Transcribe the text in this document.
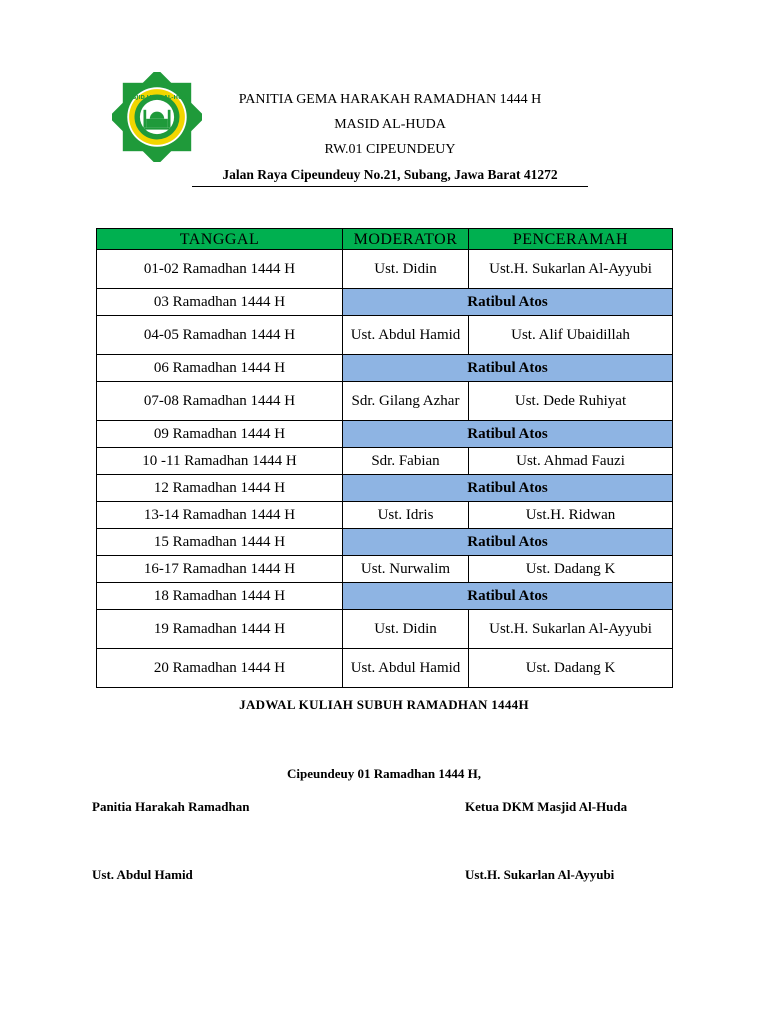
MASJID JAMI' AL-HUDA	PANITIA GEMA HARAKAH RAMADHAN 1444 H
MASID AL-HUDA
RW.01 CIPEUNDEUY
Jalan Raya Cipeundeuy No.21, Subang, Jawa Barat 41272
TANGGAL	MODERATOR	PENCERAMAH
01-02 Ramadhan 1444 H	Ust. Didin	Ust.H. Sukarlan Al-Ayyubi
03 Ramadhan 1444 H	Ratibul Atos	
04-05 Ramadhan 1444 H	Ust. Abdul Hamid	Ust. Alif Ubaidillah
06 Ramadhan 1444 H	Ratibul Atos	
07-08 Ramadhan 1444 H	Sdr. Gilang Azhar	Ust. Dede Ruhiyat
09 Ramadhan 1444 H	Ratibul Atos	
10 -11 Ramadhan 1444 H	Sdr. Fabian	Ust. Ahmad Fauzi
12 Ramadhan 1444 H	Ratibul Atos	
13-14 Ramadhan 1444 H	Ust. Idris	Ust.H. Ridwan
15 Ramadhan 1444 H	Ratibul Atos	
16-17 Ramadhan 1444 H	Ust. Nurwalim	Ust. Dadang K
18 Ramadhan 1444 H	Ratibul Atos	
19 Ramadhan 1444 H	Ust. Didin	Ust.H. Sukarlan Al-Ayyubi
20 Ramadhan 1444 H	Ust. Abdul Hamid	Ust. Dadang K
JADWAL KULIAH SUBUH RAMADHAN 1444H
Cipeundeuy 01 Ramadhan 1444 H,
Panitia Harakah Ramadhan	Ketua DKM Masjid Al-Huda
Ust. Abdul Hamid	Ust.H. Sukarlan Al-Ayyubi
